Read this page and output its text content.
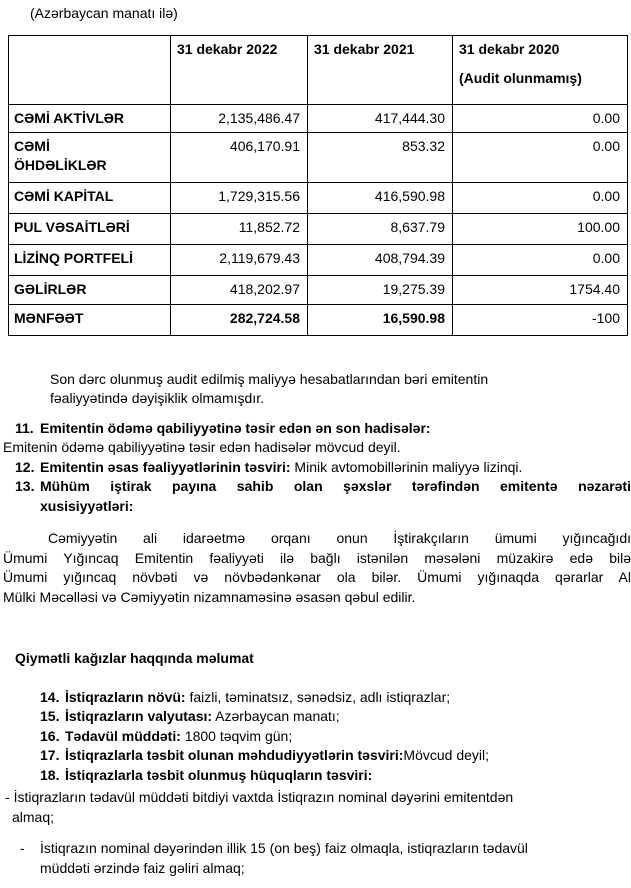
(Azərbaycan manatı ilə)
	31 dekabr 2022	31 dekabr 2021	31 dekabr 2020
(Audit olunmamış)

CƏMİ AKTİVLƏR	2,135,486.47	417,444.30	0.00

CƏMİ
ÖHDƏLİKLƏR	406,170.91	853.32	0.00
CƏMİ KAPİTAL	1,729,315.56	416,590.98	0.00
PUL VƏSAİTLƏRİ	11,852.72	8,637.79	100.00
LİZİNQ PORTFELİ	2,119,679.43	408,794.39	0.00
GƏLİRLƏR	418,202.97	19,275.39	1754.40
MƏNFƏƏT	282,724.58	16,590.98	-100
Son dərc olunmuş audit edilmiş maliyyə hesabatlarından bəri emitentin
fəaliyyətində dəyişiklik olmamışdır.
11. Emitentin ödəmə qabiliyyətinə təsir edən ən son hadisələr:
Emitenin ödəmə qabiliyyətinə təsir edən hadisələr mövcud deyil.
12. Emitentin əsas fəaliyyətlərinin təsviri: Minik avtomobillərinin maliyyə lizinqi.
13. Mühüm iştirak payına sahib olan şəxslər tərəfindən emitentə nəzarəti
xusisiyyətləri:
Cəmiyyətin ali idarəetmə orqanı onun İştirakçıların ümumi yığıncağıdı
Ümumi Yığıncaq Emitentin fəaliyyəti ilə bağlı istənilən məsələni müzakirə edə bilə
Ümumi yığıncaq növbəti və növbədənkənar ola bilər. Ümumi yığınaqda qərarlar Al
Mülki Məcəlləsi və Cəmiyyətin nizamnaməsinə əsasən qəbul edilir.
Qiymətli kağızlar haqqında məlumat
14. İstiqrazların növü: faizli, təminatsız, sənədsiz, adlı istiqrazlar;
15. İstiqrazların valyutası: Azərbaycan manatı;
16. Tədavül müddəti: 1800 təqvim gün;
17. İstiqrazlarla təsbit olunan məhdudiyyətlərin təsviri:Mövcud deyil;
18. İstiqrazlarla təsbit olunmuş hüquqların təsviri:
- İstiqrazların tədavül müddəti bitdiyi vaxtda İstiqrazın nominal dəyərini emitentdən
almaq;
-	İstiqrazın nominal dəyərindən illik 15 (on beş) faiz olmaqla, istiqrazların tədavül
müddəti ərzində faiz gəliri almaq;
